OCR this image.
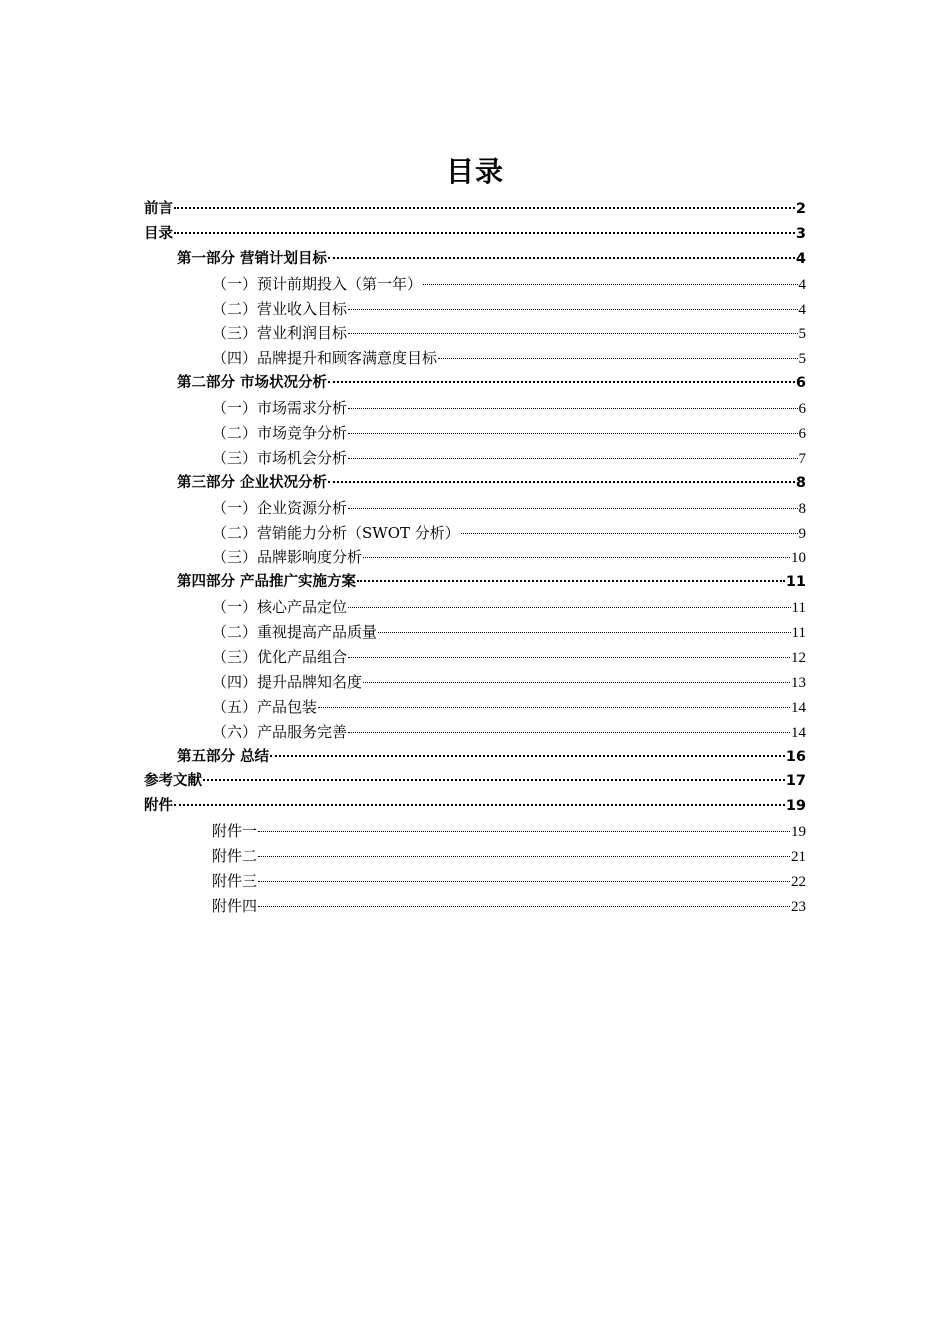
目录
前言	2
目录	3
第一部分 营销计划目标	4
（一）预计前期投入（第一年）	4
（二）营业收入目标	4
（三）营业利润目标	5
（四）品牌提升和顾客满意度目标	5
第二部分 市场状况分析	6
（一）市场需求分析	6
（二）市场竞争分析	6
（三）市场机会分析	7
第三部分 企业状况分析	8
（一）企业资源分析	8
（二）营销能力分析（SWOT 分析）	9
（三）品牌影响度分析	10
第四部分 产品推广实施方案	11
（一）核心产品定位	11
（二）重视提高产品质量	11
（三）优化产品组合	12
（四）提升品牌知名度	13
（五）产品包装	14
（六）产品服务完善	14
第五部分 总结	16
参考文献	17
附件	19
附件一	19
附件二	21
附件三	22
附件四	23
